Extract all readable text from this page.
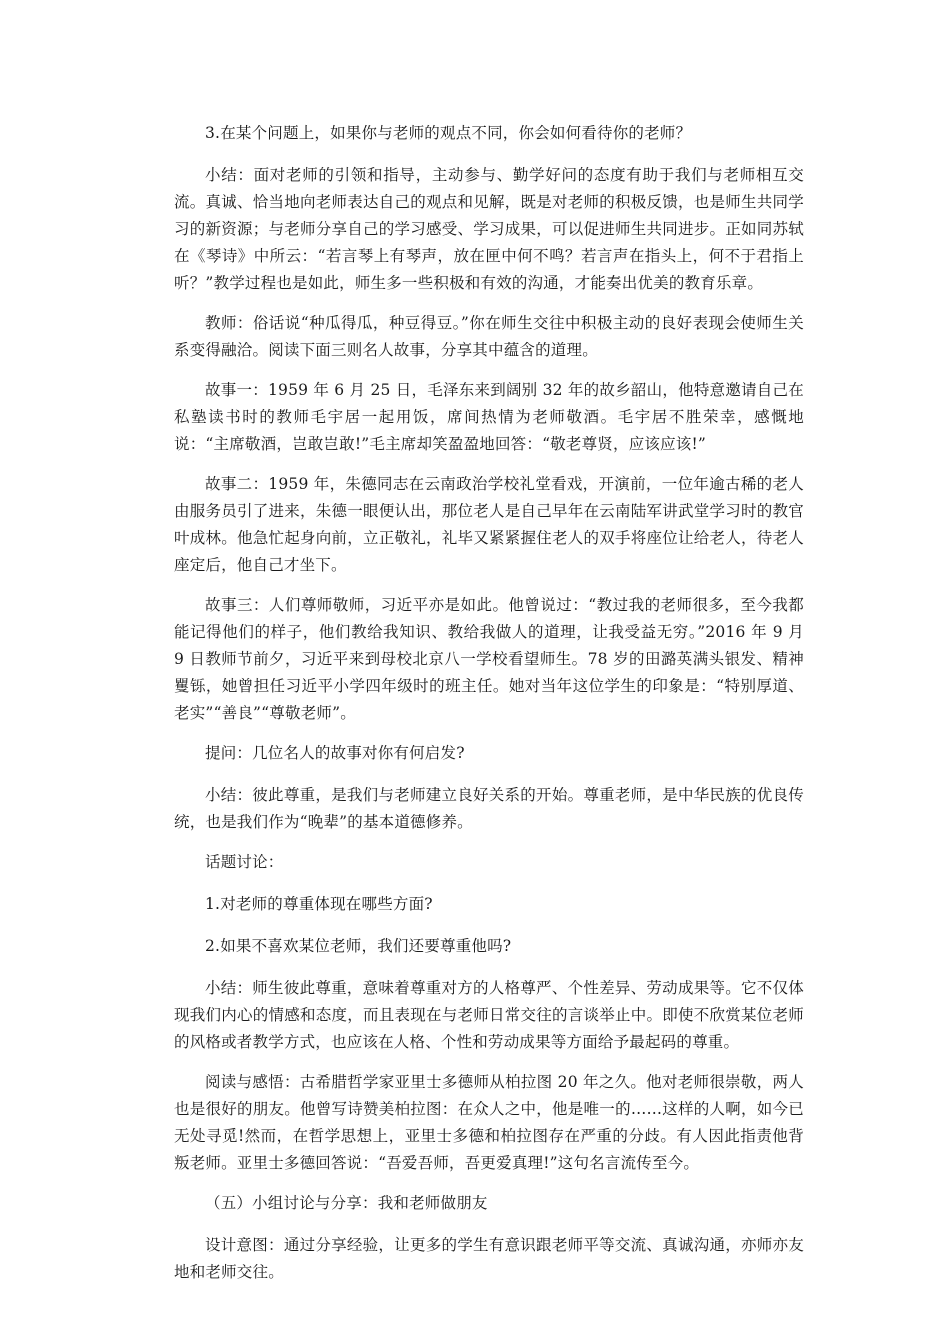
3.在某个问题上，如果你与老师的观点不同，你会如何看待你的老师？

小结：面对老师的引领和指导，主动参与、勤学好问的态度有助于我们与老师相互交流。真诚、恰当地向老师表达自己的观点和见解，既是对老师的积极反馈，也是师生共同学习的新资源；与老师分享自己的学习感受、学习成果，可以促进师生共同进步。正如同苏轼在《琴诗》中所云：“若言琴上有琴声，放在匣中何不鸣？若言声在指头上，何不于君指上听？”教学过程也是如此，师生多一些积极和有效的沟通，才能奏出优美的教育乐章。

教师：俗话说“种瓜得瓜，种豆得豆。”你在师生交往中积极主动的良好表现会使师生关系变得融洽。阅读下面三则名人故事，分享其中蕴含的道理。

故事一：1959 年 6 月 25 日，毛泽东来到阔别 32 年的故乡韶山，他特意邀请自己在私塾读书时的教师毛宇居一起用饭，席间热情为老师敬酒。毛宇居不胜荣幸，感慨地说：“主席敬酒，岂敢岂敢!”毛主席却笑盈盈地回答：“敬老尊贤，应该应该!”

故事二：1959 年，朱德同志在云南政治学校礼堂看戏，开演前，一位年逾古稀的老人由服务员引了进来，朱德一眼便认出，那位老人是自己早年在云南陆军讲武堂学习时的教官叶成林。他急忙起身向前，立正敬礼，礼毕又紧紧握住老人的双手将座位让给老人，待老人座定后，他自己才坐下。

故事三：人们尊师敬师，习近平亦是如此。他曾说过：“教过我的老师很多，至今我都能记得他们的样子，他们教给我知识、教给我做人的道理，让我受益无穷。”2016 年 9 月 9 日教师节前夕，习近平来到母校北京八一学校看望师生。78 岁的田潞英满头银发、精神矍铄，她曾担任习近平小学四年级时的班主任。她对当年这位学生的印象是：“特别厚道、老实”“善良”“尊敬老师”。

提问：几位名人的故事对你有何启发?

小结：彼此尊重，是我们与老师建立良好关系的开始。尊重老师，是中华民族的优良传统，也是我们作为“晚辈”的基本道德修养。

话题讨论：

1.对老师的尊重体现在哪些方面?

2.如果不喜欢某位老师，我们还要尊重他吗?

小结：师生彼此尊重，意味着尊重对方的人格尊严、个性差异、劳动成果等。它不仅体现我们内心的情感和态度，而且表现在与老师日常交往的言谈举止中。即使不欣赏某位老师的风格或者教学方式，也应该在人格、个性和劳动成果等方面给予最起码的尊重。

阅读与感悟：古希腊哲学家亚里士多德师从柏拉图 20 年之久。他对老师很崇敬，两人也是很好的朋友。他曾写诗赞美柏拉图：在众人之中，他是唯一的……这样的人啊，如今已无处寻觅!然而，在哲学思想上，亚里士多德和柏拉图存在严重的分歧。有人因此指责他背叛老师。亚里士多德回答说：“吾爱吾师，吾更爱真理!”这句名言流传至今。

（五）小组讨论与分享：我和老师做朋友

设计意图：通过分享经验，让更多的学生有意识跟老师平等交流、真诚沟通，亦师亦友地和老师交往。
